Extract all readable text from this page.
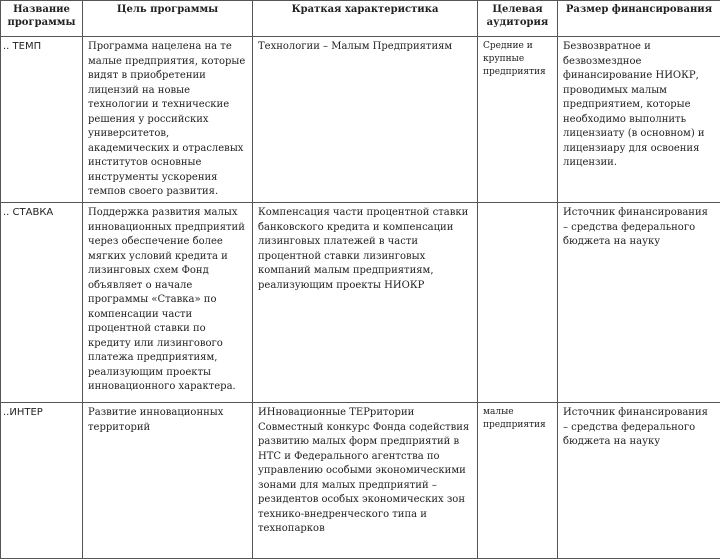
Название программы	Цель программы	Краткая характеристика	Целевая аудитория	Размер финансирования
.. ТЕМП	Программа нацелена на те малые предприятия, которые видят в приобретении лицензий на новые технологии и технические решения у российских университетов, академических и отраслевых институтов основные инструменты ускорения темпов своего развития.	Технологии – Малым Предприятиям	Средние и крупные предприятия	Безвозвратное и безвозмездное финансирование НИОКР, проводимых малым предприятием, которые необходимо выполнить лицензиату (в основном) и лицензиару для освоения лицензии.
.. СТАВКА	Поддержка развития малых инновационных предприятий через обеспечение более мягких условий кредита и лизинговых схем Фонд объявляет о начале программы «Ставка» по компенсации части процентной ставки по кредиту или лизингового платежа предприятиям, реализующим проекты инновационного характера.	Компенсация части процентной ставки банковского кредита и компенсации лизинговых платежей в части процентной ставки лизинговых компаний малым предприятиям, реализующим проекты НИОКР		Источник финансирования – средства федерального бюджета на науку
..ИНТЕР	Развитие инновационных территорий	ИНновационные ТЕРритории Совместный конкурс Фонда содействия развитию малых форм предприятий в НТС и Федерального агентства по управлению особыми экономическими зонами для малых предприятий – резидентов особых экономических зон технико-внедренческого типа и технопарков	малые предприятия	Источник финансирования – средства федерального бюджета на науку
